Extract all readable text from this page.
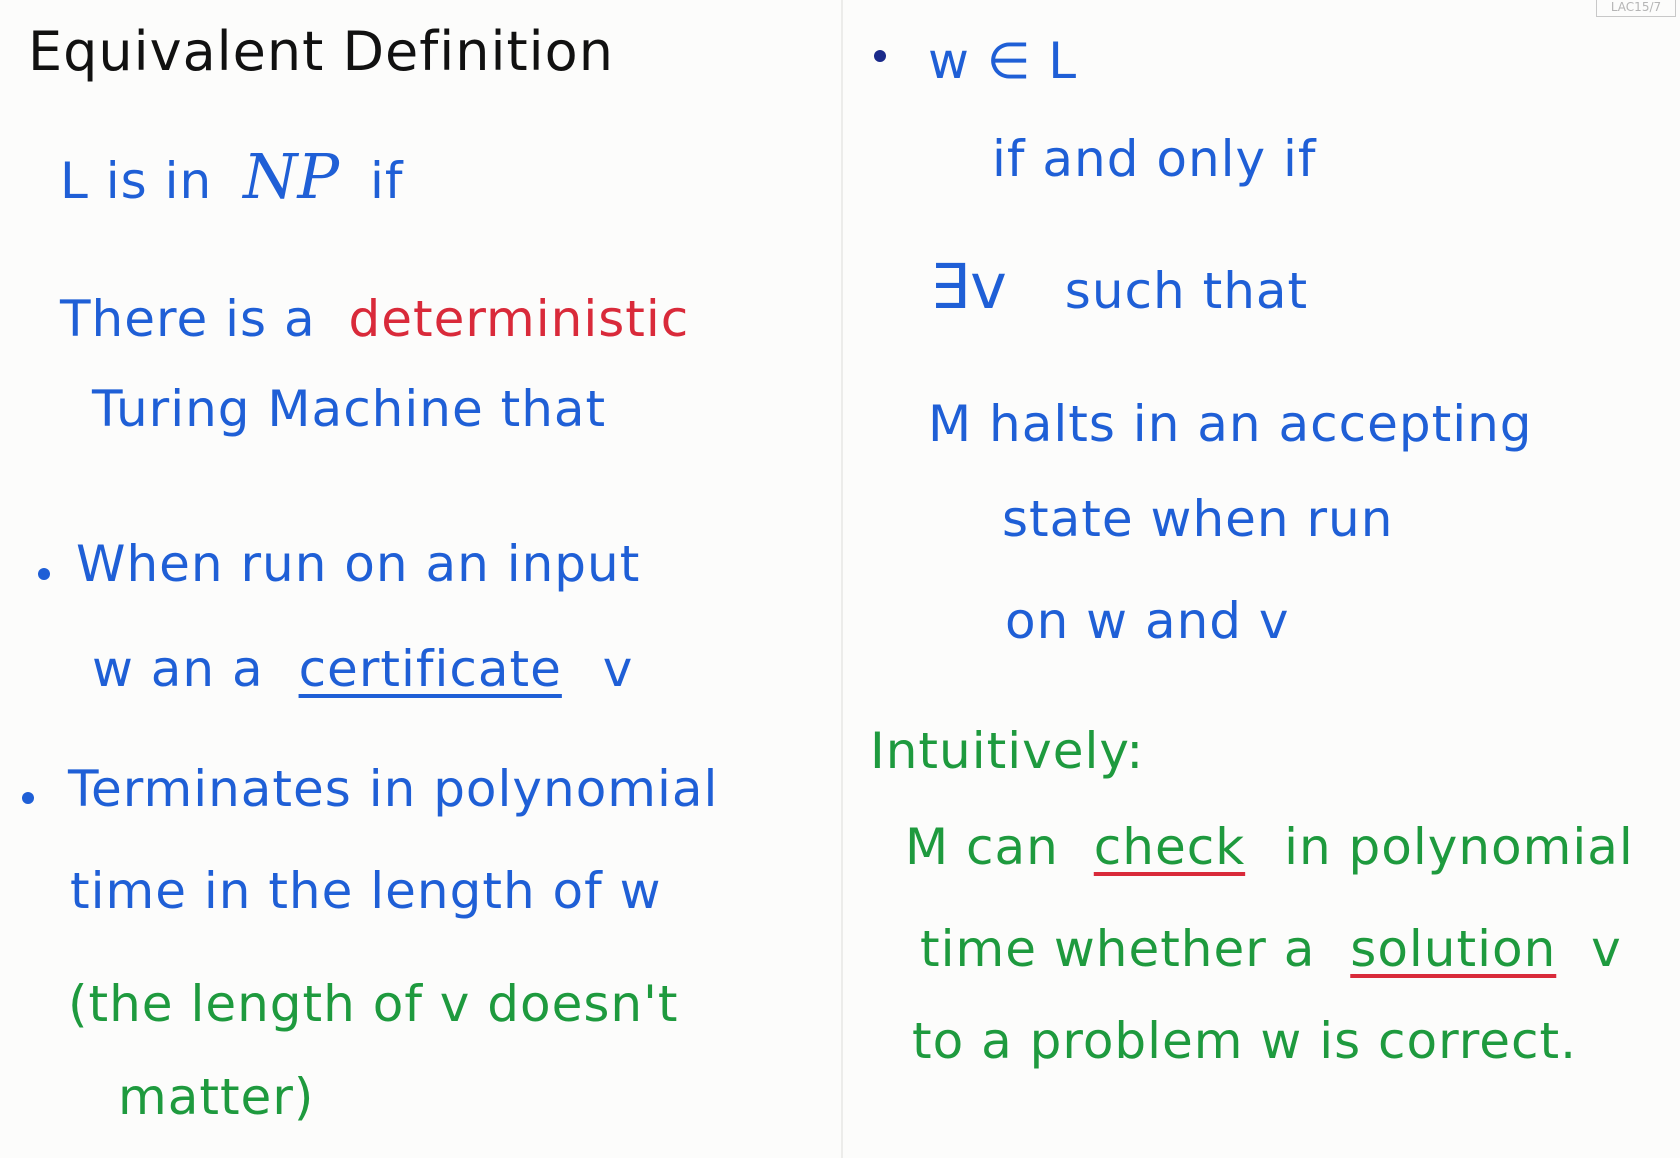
LAC15/7
Equivalent Definition
L is in NP if
There is a deterministic
Turing Machine that
When run on an input
w an a certificate v
Terminates in polynomial
time in the length of w
(the length of v doesn't
matter)
w ∈ L
if and only if
∃v such that
M halts in an accepting
state when run
on w and v
Intuitively:
M can check in polynomial
time whether a solution v
to a problem w is correct.
